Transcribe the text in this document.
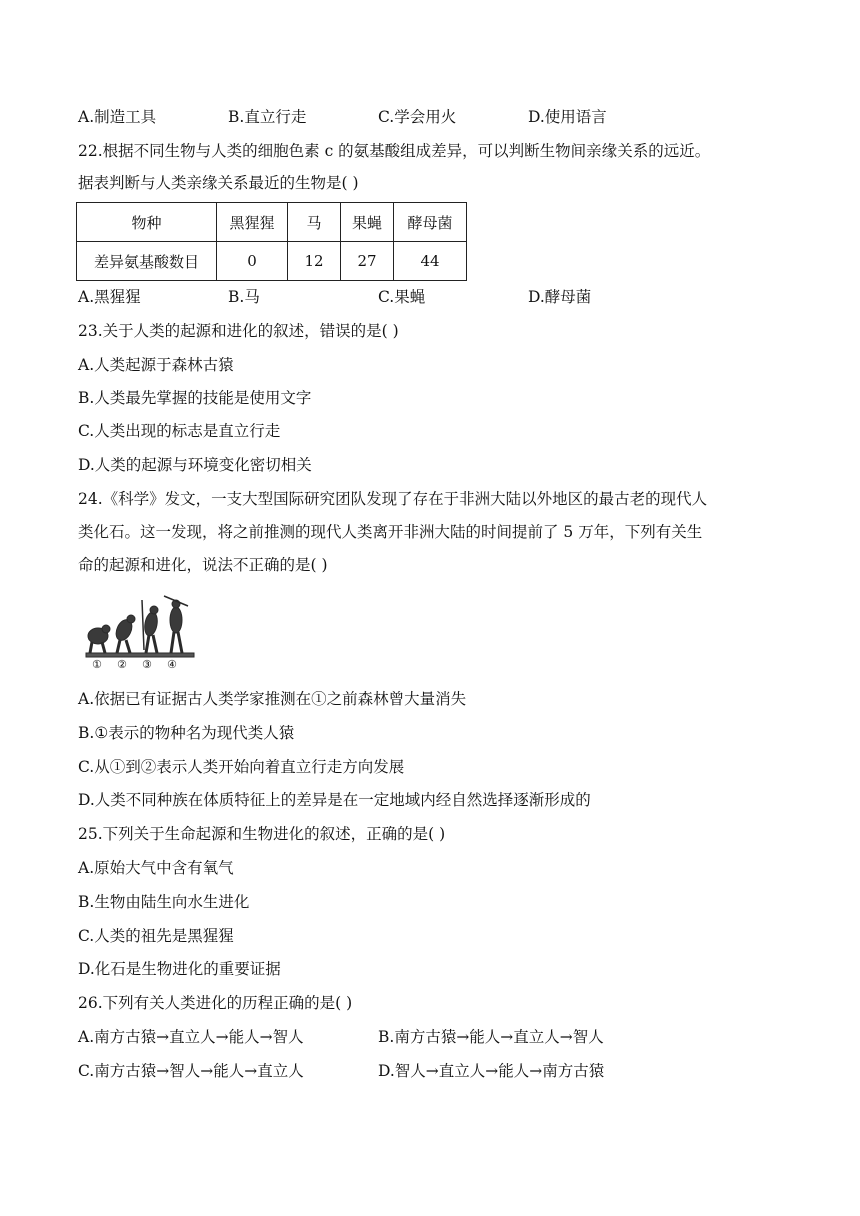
A.制造工具	B.直立行走	C.学会用火	D.使用语言
22.根据不同生物与人类的细胞色素 c 的氨基酸组成差异，可以判断生物间亲缘关系的远近。
据表判断与人类亲缘关系最近的生物是( )
物种	黑猩猩	马	果蝇	酵母菌
差异氨基酸数目	0	12	27	44
A.黑猩猩	B.马	C.果蝇	D.酵母菌
23.关于人类的起源和进化的叙述，错误的是( )
A.人类起源于森林古猿
B.人类最先掌握的技能是使用文字
C.人类出现的标志是直立行走
D.人类的起源与环境变化密切相关
24.《科学》发文，一支大型国际研究团队发现了存在于非洲大陆以外地区的最古老的现代人
类化石。这一发现，将之前推测的现代人类离开非洲大陆的时间提前了 5 万年，下列有关生
命的起源和进化，说法不正确的是( )
① ② ③ ④
A.依据已有证据古人类学家推测在①之前森林曾大量消失
B.①表示的物种名为现代类人猿
C.从①到②表示人类开始向着直立行走方向发展
D.人类不同种族在体质特征上的差异是在一定地域内经自然选择逐渐形成的
25.下列关于生命起源和生物进化的叙述，正确的是( )
A.原始大气中含有氧气
B.生物由陆生向水生进化
C.人类的祖先是黑猩猩
D.化石是生物进化的重要证据
26.下列有关人类进化的历程正确的是( )
A.南方古猿→直立人→能人→智人	B.南方古猿→能人→直立人→智人
C.南方古猿→智人→能人→直立人	D.智人→直立人→能人→南方古猿
